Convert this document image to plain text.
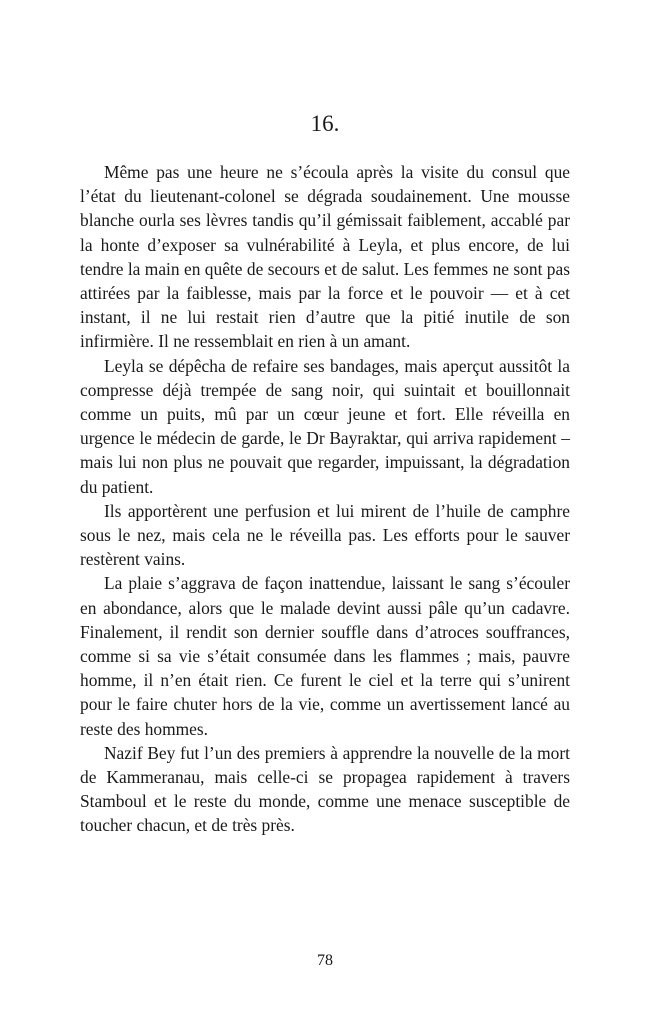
16.

Même pas une heure ne s’écoula après la visite du consul que l’état du lieutenant-colonel se dégrada soudainement. Une mousse blanche ourla ses lèvres tandis qu’il gémissait faiblement, accablé par la honte d’exposer sa vulnérabilité à Leyla, et plus encore, de lui tendre la main en quête de secours et de salut. Les femmes ne sont pas attirées par la faiblesse, mais par la force et le pouvoir — et à cet instant, il ne lui restait rien d’autre que la pitié inutile de son infirmière. Il ne ressemblait en rien à un amant.

Leyla se dépêcha de refaire ses bandages, mais aperçut aussitôt la compresse déjà trempée de sang noir, qui suintait et bouillonnait comme un puits, mû par un cœur jeune et fort. Elle réveilla en urgence le médecin de garde, le Dr Bayraktar, qui arriva rapidement – mais lui non plus ne pouvait que regarder, impuissant, la dégradation du patient.

Ils apportèrent une perfusion et lui mirent de l’huile de camphre sous le nez, mais cela ne le réveilla pas. Les efforts pour le sauver restèrent vains.

La plaie s’aggrava de façon inattendue, laissant le sang s’écouler en abondance, alors que le malade devint aussi pâle qu’un cadavre. Finalement, il rendit son dernier souffle dans d’atroces souffrances, comme si sa vie s’était consumée dans les flammes ; mais, pauvre homme, il n’en était rien. Ce furent le ciel et la terre qui s’unirent pour le faire chuter hors de la vie, comme un avertissement lancé au reste des hommes.

Nazif Bey fut l’un des premiers à apprendre la nouvelle de la mort de Kammeranau, mais celle-ci se propagea rapidement à travers Stamboul et le reste du monde, comme une menace susceptible de toucher chacun, et de très près.

78
